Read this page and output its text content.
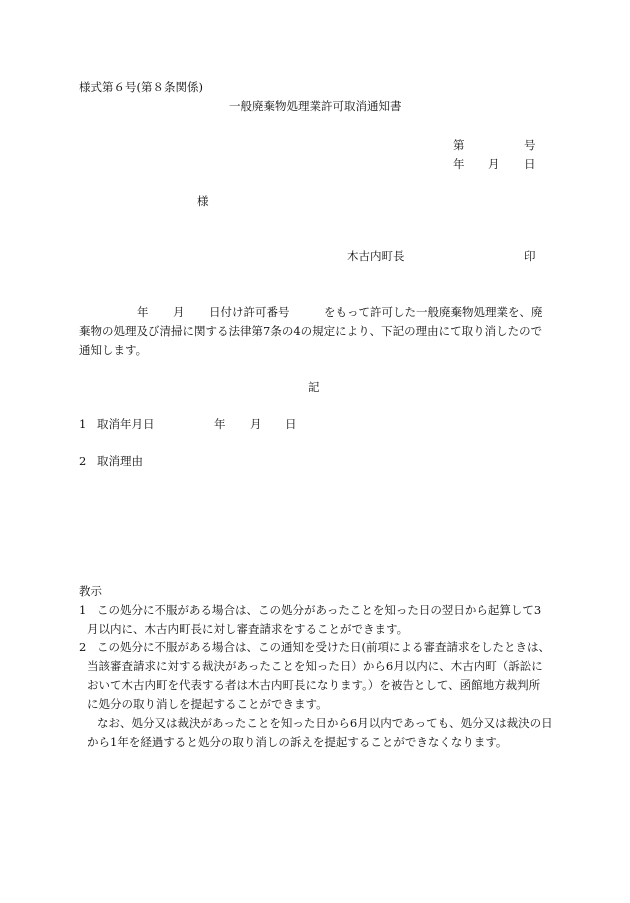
様式第６号(第８条関係)
一般廃棄物処理業許可取消通知書
第	号
年 月 日
様
木古内町長	印
年 月 日付け許可番号	をもって許可した一般廃棄物処理業を、廃
棄物の処理及び清掃に関する法律第7条の4の規定により、下記の理由にて取り消したので
通知します。
記
1 取消年月日	年 月 日
2 取消理由
教示
1 この処分に不服がある場合は、この処分があったことを知った日の翌日から起算して3
月以内に、木古内町長に対し審査請求をすることができます。
2 この処分に不服がある場合は、この通知を受けた日(前項による審査請求をしたときは、
当該審査請求に対する裁決があったことを知った日）から6月以内に、木古内町（訴訟に
おいて木古内町を代表する者は木古内町長になります。）を被告として、函館地方裁判所
に処分の取り消しを提起することができます。
なお、処分又は裁決があったことを知った日から6月以内であっても、処分又は裁決の日
から1年を経過すると処分の取り消しの訴えを提起することができなくなります。
